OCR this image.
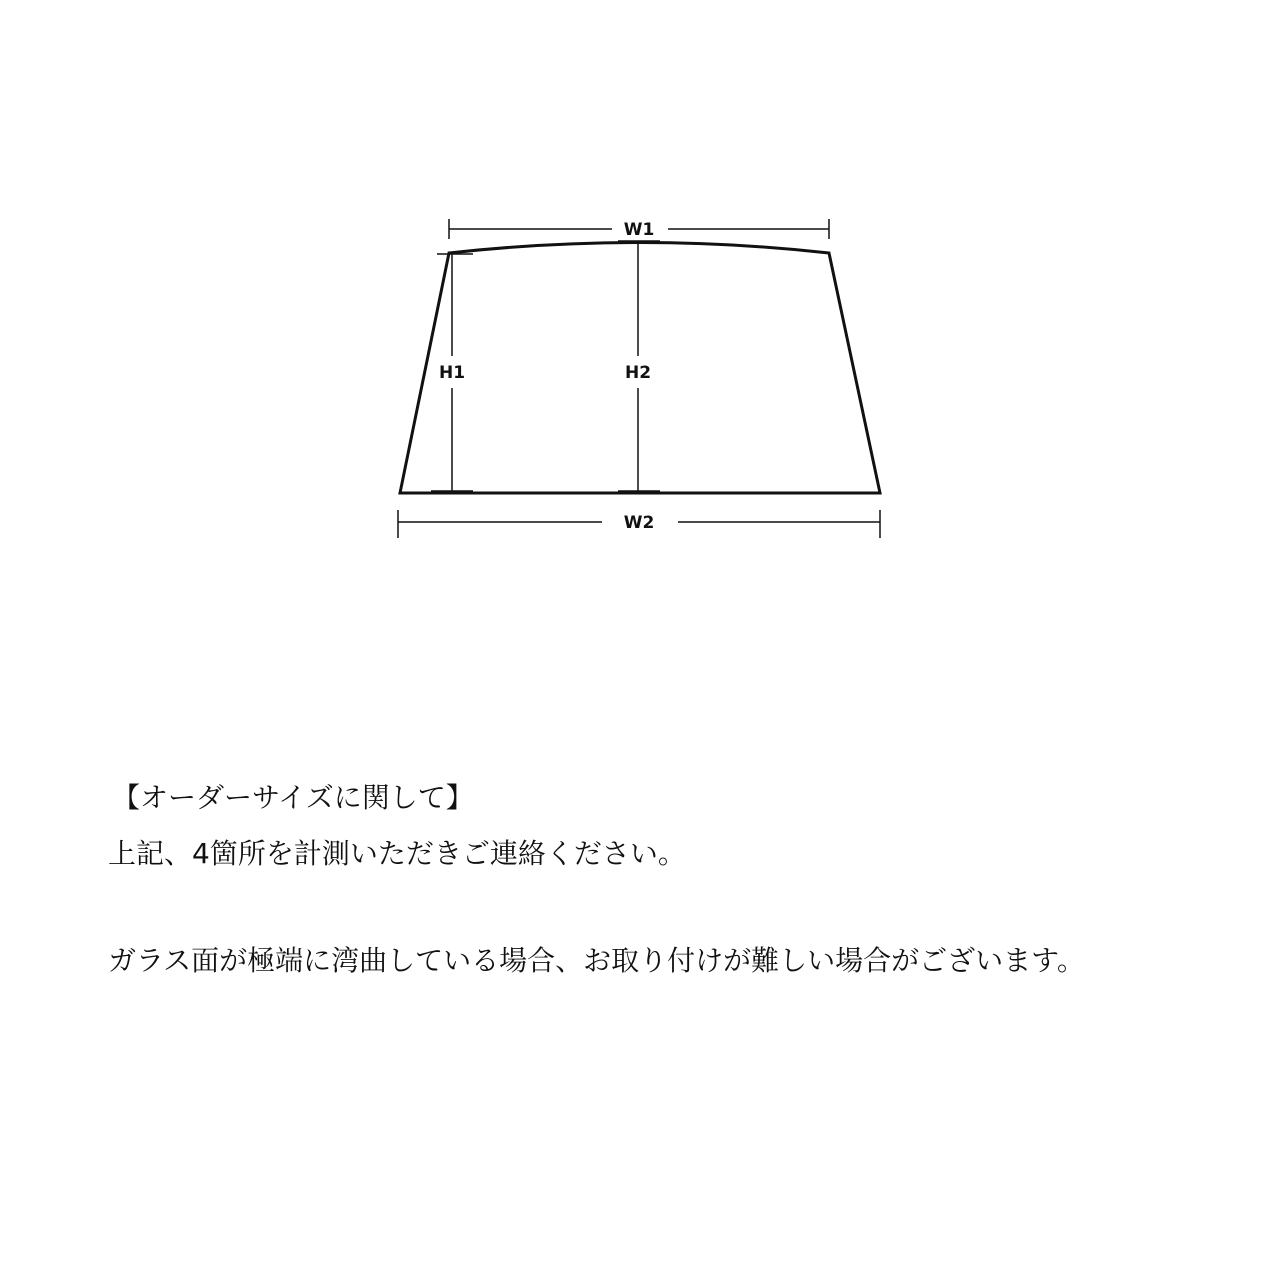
W1
W2
H1	H2
【オーダーサイズに関して】
上記、4箇所を計測いただきご連絡ください。
ガラス面が極端に湾曲している場合、お取り付けが難しい場合がございます。
